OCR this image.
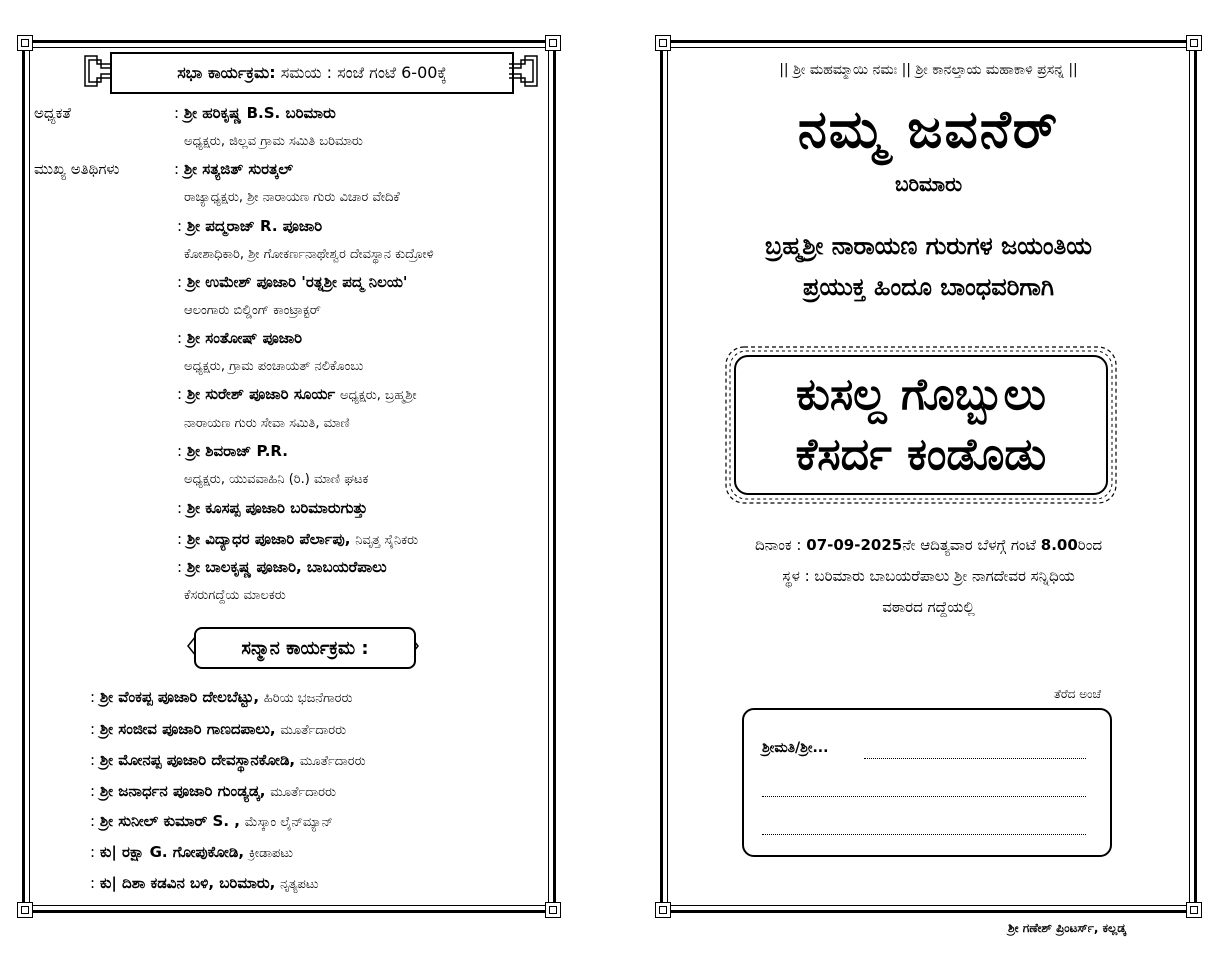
ಸಭಾ ಕಾರ್ಯಕ್ರಮ:
ಸಮಯ : ಸಂಜೆ ಗಂಟೆ 6-00ಕ್ಕೆ
ಅಧ್ಯಕತೆ	: ಶ್ರೀ ಹರಿಕೃಷ್ಣ B.S. ಬರಿಮಾರು
ಅಧ್ಯಕ್ಷರು, ಜಿಲ್ಲವ ಗ್ರಾಮ ಸಮಿತಿ ಬರಿಮಾರು
ಮುಖ್ಯ ಅತಿಥಿಗಳು	: ಶ್ರೀ ಸತ್ಯಜಿತ್ ಸುರತ್ಕಲ್
ರಾಜ್ಯಾಧ್ಯಕ್ಷರು, ಶ್ರೀ ನಾರಾಯಣ ಗುರು ವಿಚಾರ ವೇದಿಕೆ
: ಶ್ರೀ ಪದ್ಮರಾಜ್ R. ಪೂಜಾರಿ
ಕೋಶಾಧಿಕಾರಿ, ಶ್ರೀ ಗೋಕರ್ಣನಾಥೇಶ್ವರ ದೇವಸ್ಥಾನ ಕುದ್ರೋಳಿ
: ಶ್ರೀ ಉಮೇಶ್ ಪೂಜಾರಿ 'ರತ್ನಶ್ರೀ ಪದ್ಮ ನಿಲಯ'
ಆಲಂಗಾರು ಬಿಲ್ಡಿಂಗ್ ಕಾಂಟ್ರಾಕ್ಟರ್
: ಶ್ರೀ ಸಂತೋಷ್ ಪೂಜಾರಿ
ಅಧ್ಯಕ್ಷರು, ಗ್ರಾಮ ಪಂಚಾಯತ್ ನಲಿಕೊಂಬು
: ಶ್ರೀ ಸುರೇಶ್ ಪೂಜಾರಿ ಸೂರ್ಯ ಅಧ್ಯಕ್ಷರು, ಬ್ರಹ್ಮಶ್ರೀ
ನಾರಾಯಣ ಗುರು ಸೇವಾ ಸಮಿತಿ, ಮಾಣಿ
: ಶ್ರೀ ಶಿವರಾಜ್ P.R.
ಅಧ್ಯಕ್ಷರು, ಯುವವಾಹಿನಿ (ರಿ.) ಮಾಣಿ ಘಟಕ
: ಶ್ರೀ ಕೂಸಪ್ಪ ಪೂಜಾರಿ ಬರಿಮಾರುಗುತ್ತು
: ಶ್ರೀ ವಿದ್ಯಾಧರ ಪೂಜಾರಿ ಪೆರ್ಲಾಪು, ನಿವೃತ್ತ ಸೈನಿಕರು
: ಶ್ರೀ ಬಾಲಕೃಷ್ಣ ಪೂಜಾರಿ, ಬಾಬಯರೆಪಾಲು
ಕೆಸರುಗದ್ದೆಯ ಮಾಲಕರು
ಸನ್ಮಾನ ಕಾರ್ಯಕ್ರಮ :
: ಶ್ರೀ ವೆಂಕಪ್ಪ ಪೂಜಾರಿ ದೇಲಬೆಟ್ಟು, ಹಿರಿಯ ಭಜನೆಗಾರರು
: ಶ್ರೀ ಸಂಜೀವ ಪೂಜಾರಿ ಗಾಣದಪಾಲು, ಮೂರ್ತೆದಾರರು
: ಶ್ರೀ ಮೋನಪ್ಪ ಪೂಜಾರಿ ದೇವಸ್ಥಾನಕೋಡಿ, ಮೂರ್ತೆದಾರರು
: ಶ್ರೀ ಜನಾರ್ಧನ ಪೂಜಾರಿ ಗುಂಡ್ಯಡ್ಕ, ಮೂರ್ತೆದಾರರು
: ಶ್ರೀ ಸುನೀಲ್ ಕುಮಾರ್ S. , ಮೆಸ್ಕಾಂ ಲೈನ್‌ಮ್ಯಾನ್
: ಕು| ರಕ್ಷಾ G. ಗೋಪುಕೋಡಿ, ಕ್ರೀಡಾಪಟು
: ಕು| ದಿಶಾ ಕಡವಿನ ಬಳಿ, ಬರಿಮಾರು, ನೃತ್ಯಪಟು
|| ಶ್ರೀ ಮಹಮ್ಮಾಯಿ ನಮಃ || ಶ್ರೀ ಕಾನಲ್ತಾಯ ಮಹಾಕಾಳಿ ಪ್ರಸನ್ನ ||
ನಮ್ಮ ಜವನೆರ್
ಬರಿಮಾರು
ಬ್ರಹ್ಮಶ್ರೀ ನಾರಾಯಣ ಗುರುಗಳ ಜಯಂತಿಯ
ಪ್ರಯುಕ್ತ ಹಿಂದೂ ಬಾಂಧವರಿಗಾಗಿ
ಕುಸಲ್ದ ಗೊಬ್ಬುಲು
ಕೆಸರ್ದ ಕಂಡೊಡು
ದಿನಾಂಕ : 07-09-2025ನೇ ಆದಿತ್ಯವಾರ ಬೆಳಗ್ಗೆ ಗಂಟೆ 8.00ರಿಂದ
ಸ್ಥಳ : ಬರಿಮಾರು ಬಾಬಯರೆಪಾಲು ಶ್ರೀ ನಾಗದೇವರ ಸನ್ನಿಧಿಯ
ವಠಾರದ ಗದ್ದೆಯಲ್ಲಿ
ತೆರೆದ ಅಂಚೆ
ಶ್ರೀಮತಿ/ಶ್ರೀ...
ಶ್ರೀ ಗಣೇಶ್ ಪ್ರಿಂಟರ್ಸ್, ಕಲ್ಲಡ್ಕ
